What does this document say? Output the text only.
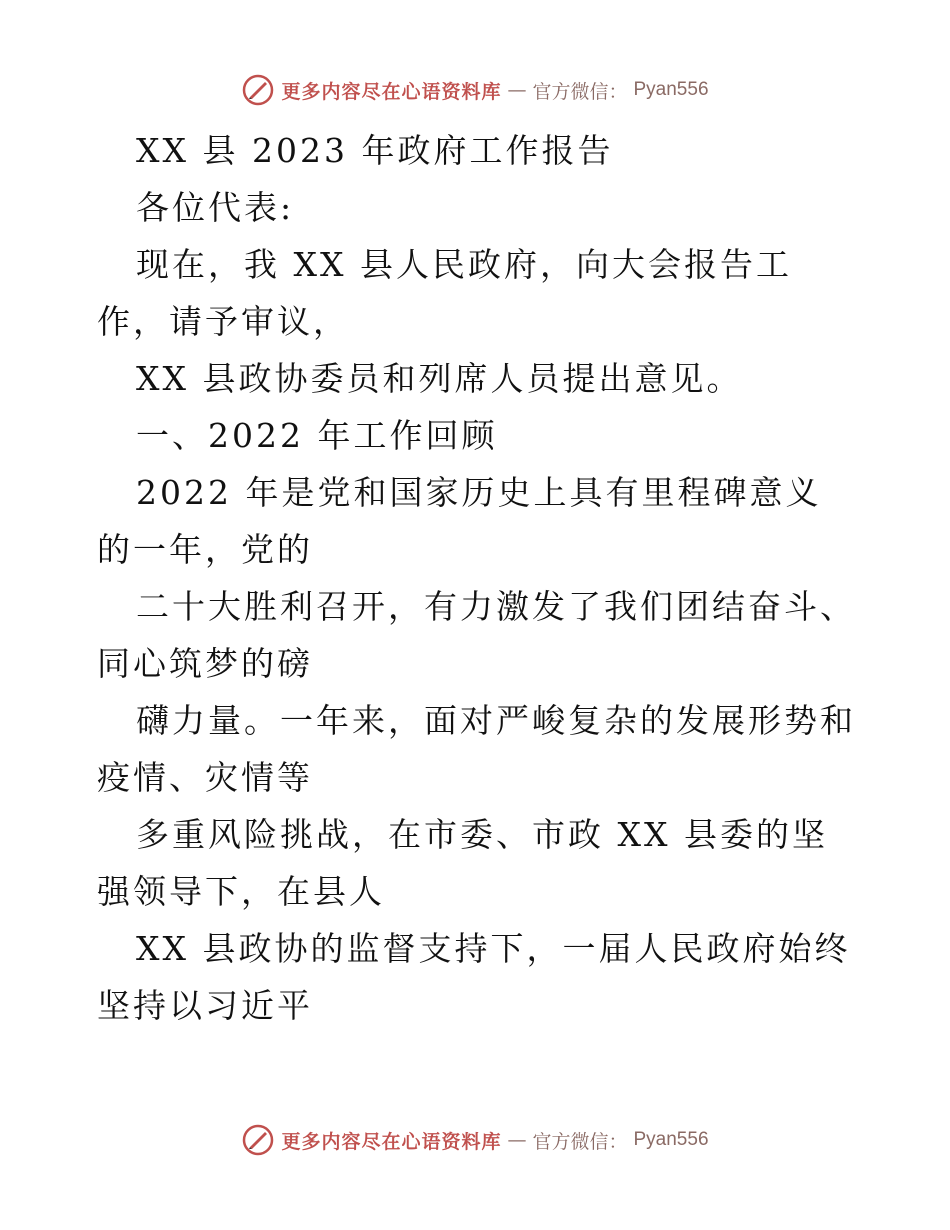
更多内容尽在心语资料库 — 官方微信： Pyan556

XX 县 2023 年政府工作报告

各位代表:

现在，我 XX 县人民政府，向大会报告工作，请予审议，

XX 县政协委员和列席人员提出意见。

一、2022 年工作回顾

2022 年是党和国家历史上具有里程碑意义的一年，党的

二十大胜利召开，有力激发了我们团结奋斗、同心筑梦的磅

礴力量。一年来，面对严峻复杂的发展形势和疫情、灾情等

多重风险挑战，在市委、市政 XX 县委的坚强领导下，在县人

XX 县政协的监督支持下，一届人民政府始终坚持以习近平

更多内容尽在心语资料库 — 官方微信： Pyan556
